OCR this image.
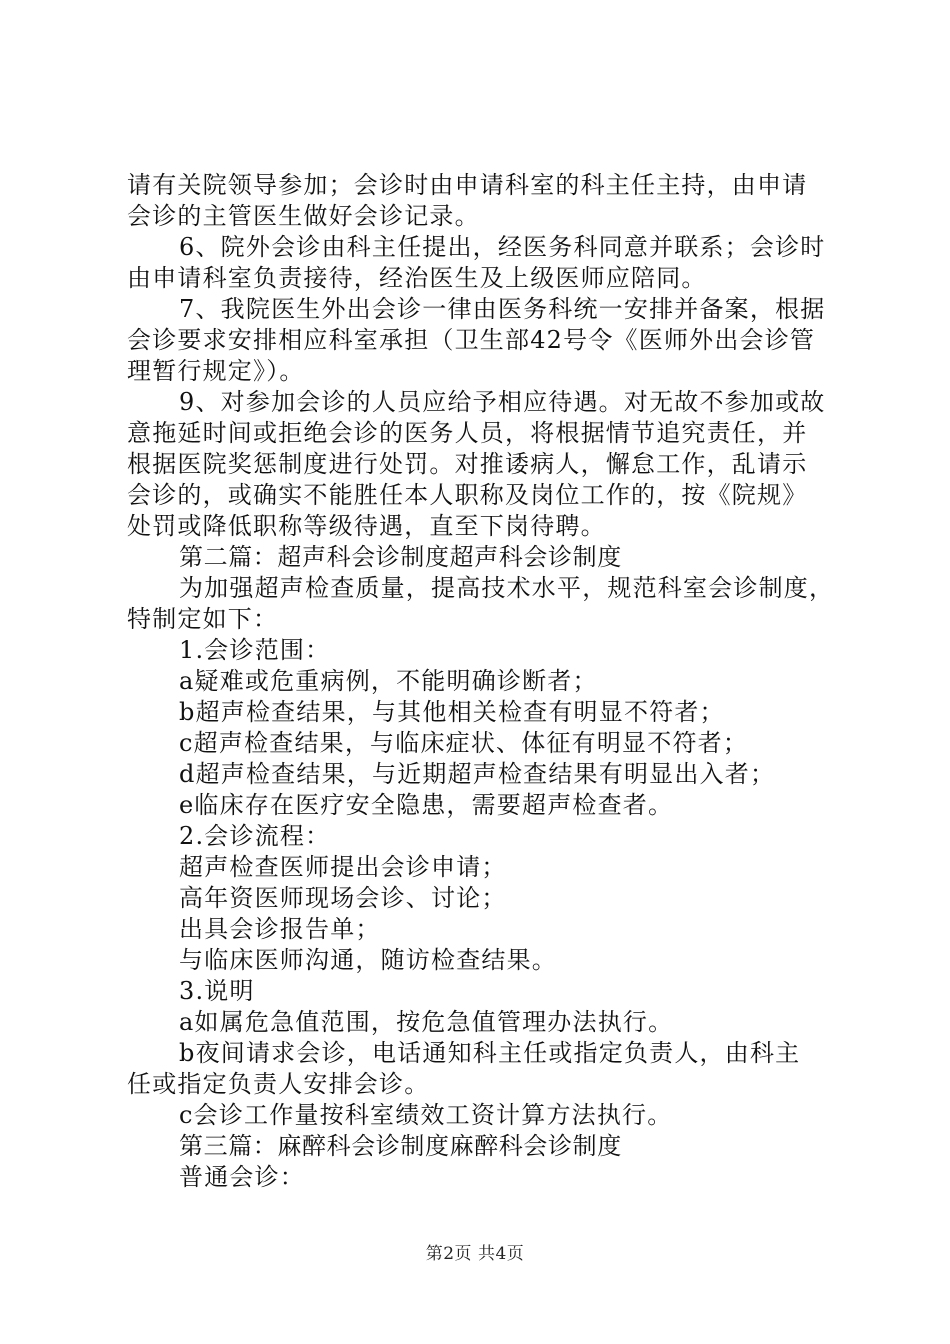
请有关院领导参加；会诊时由申请科室的科主任主持，由申请
会诊的主管医生做好会诊记录。
6、院外会诊由科主任提出，经医务科同意并联系；会诊时
由申请科室负责接待，经治医生及上级医师应陪同。
7、我院医生外出会诊一律由医务科统一安排并备案，根据
会诊要求安排相应科室承担（卫生部42号令《医师外出会诊管
理暂行规定》）。
9、对参加会诊的人员应给予相应待遇。对无故不参加或故
意拖延时间或拒绝会诊的医务人员，将根据情节追究责任，并
根据医院奖惩制度进行处罚。对推诿病人，懈怠工作，乱请示
会诊的，或确实不能胜任本人职称及岗位工作的，按《院规》
处罚或降低职称等级待遇，直至下岗待聘。
第二篇：超声科会诊制度超声科会诊制度
为加强超声检查质量，提高技术水平，规范科室会诊制度，
特制定如下：
1.会诊范围：
a疑难或危重病例，不能明确诊断者；
b超声检查结果，与其他相关检查有明显不符者；
c超声检查结果，与临床症状、体征有明显不符者；
d超声检查结果，与近期超声检查结果有明显出入者；
e临床存在医疗安全隐患，需要超声检查者。
2.会诊流程：
超声检查医师提出会诊申请；
高年资医师现场会诊、讨论；
出具会诊报告单；
与临床医师沟通，随访检查结果。
3.说明
a如属危急值范围，按危急值管理办法执行。
b夜间请求会诊，电话通知科主任或指定负责人，由科主
任或指定负责人安排会诊。
c会诊工作量按科室绩效工资计算方法执行。
第三篇：麻醉科会诊制度麻醉科会诊制度
普通会诊：
第2页 共4页
